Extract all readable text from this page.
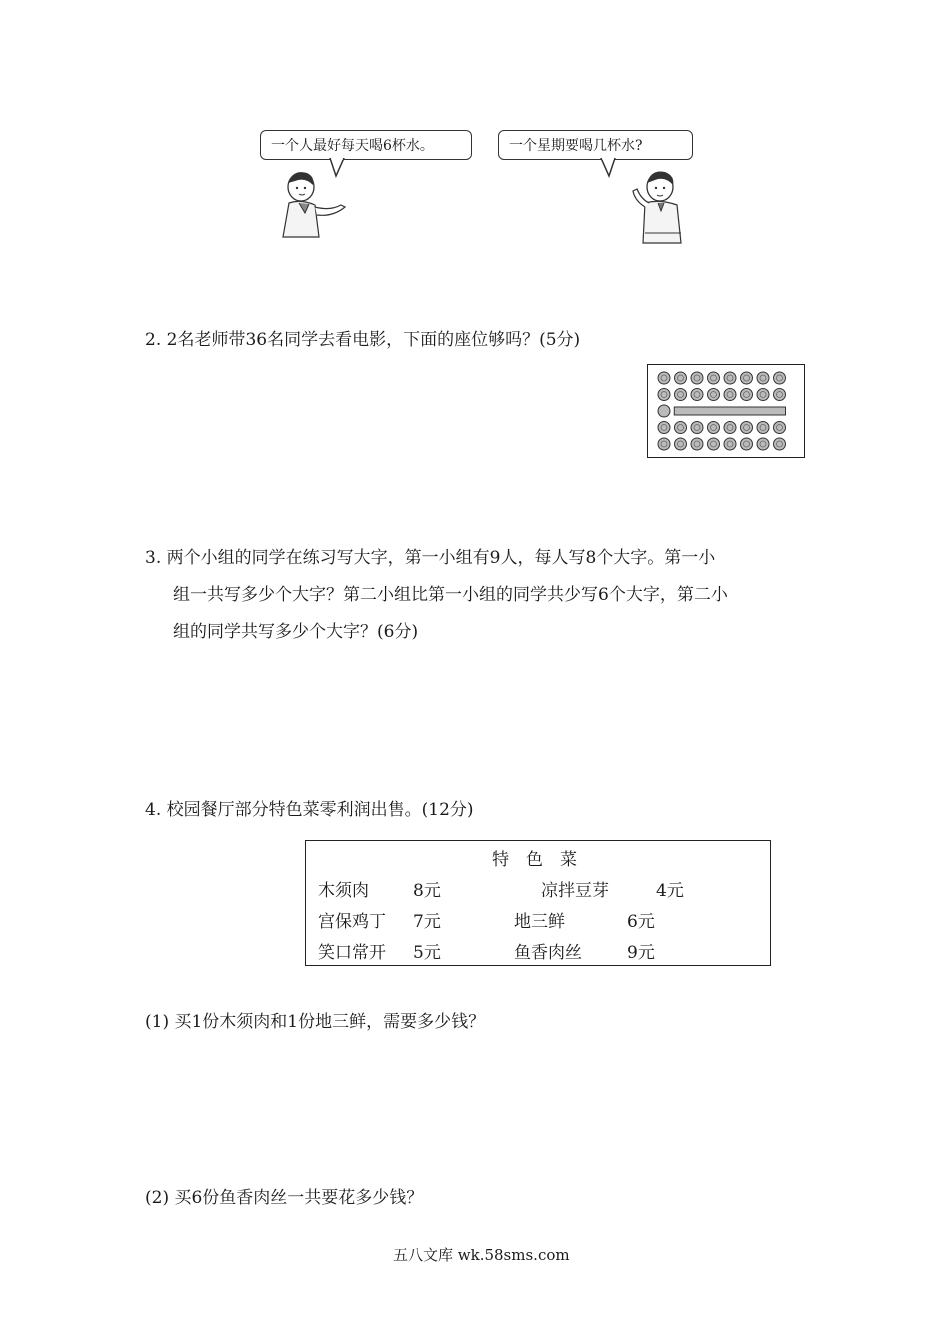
一个人最好每天喝6杯水。	一个星期要喝几杯水?
2. 2名老师带36名同学去看电影，下面的座位够吗？(5分)
3. 两个小组的同学在练习写大字，第一小组有9人，每人写8个大字。第一小
组一共写多少个大字？第二小组比第一小组的同学共少写6个大字，第二小
组的同学共写多少个大字？(6分)
4. 校园餐厅部分特色菜零利润出售。(12分)
特　色　菜
木须肉	8元	凉拌豆芽	4元
宫保鸡丁 7元	地三鲜	6元
笑口常开 5元	鱼香肉丝	9元
(1) 买1份木须肉和1份地三鲜，需要多少钱？
(2) 买6份鱼香肉丝一共要花多少钱？
五八文库 wk.58sms.com
